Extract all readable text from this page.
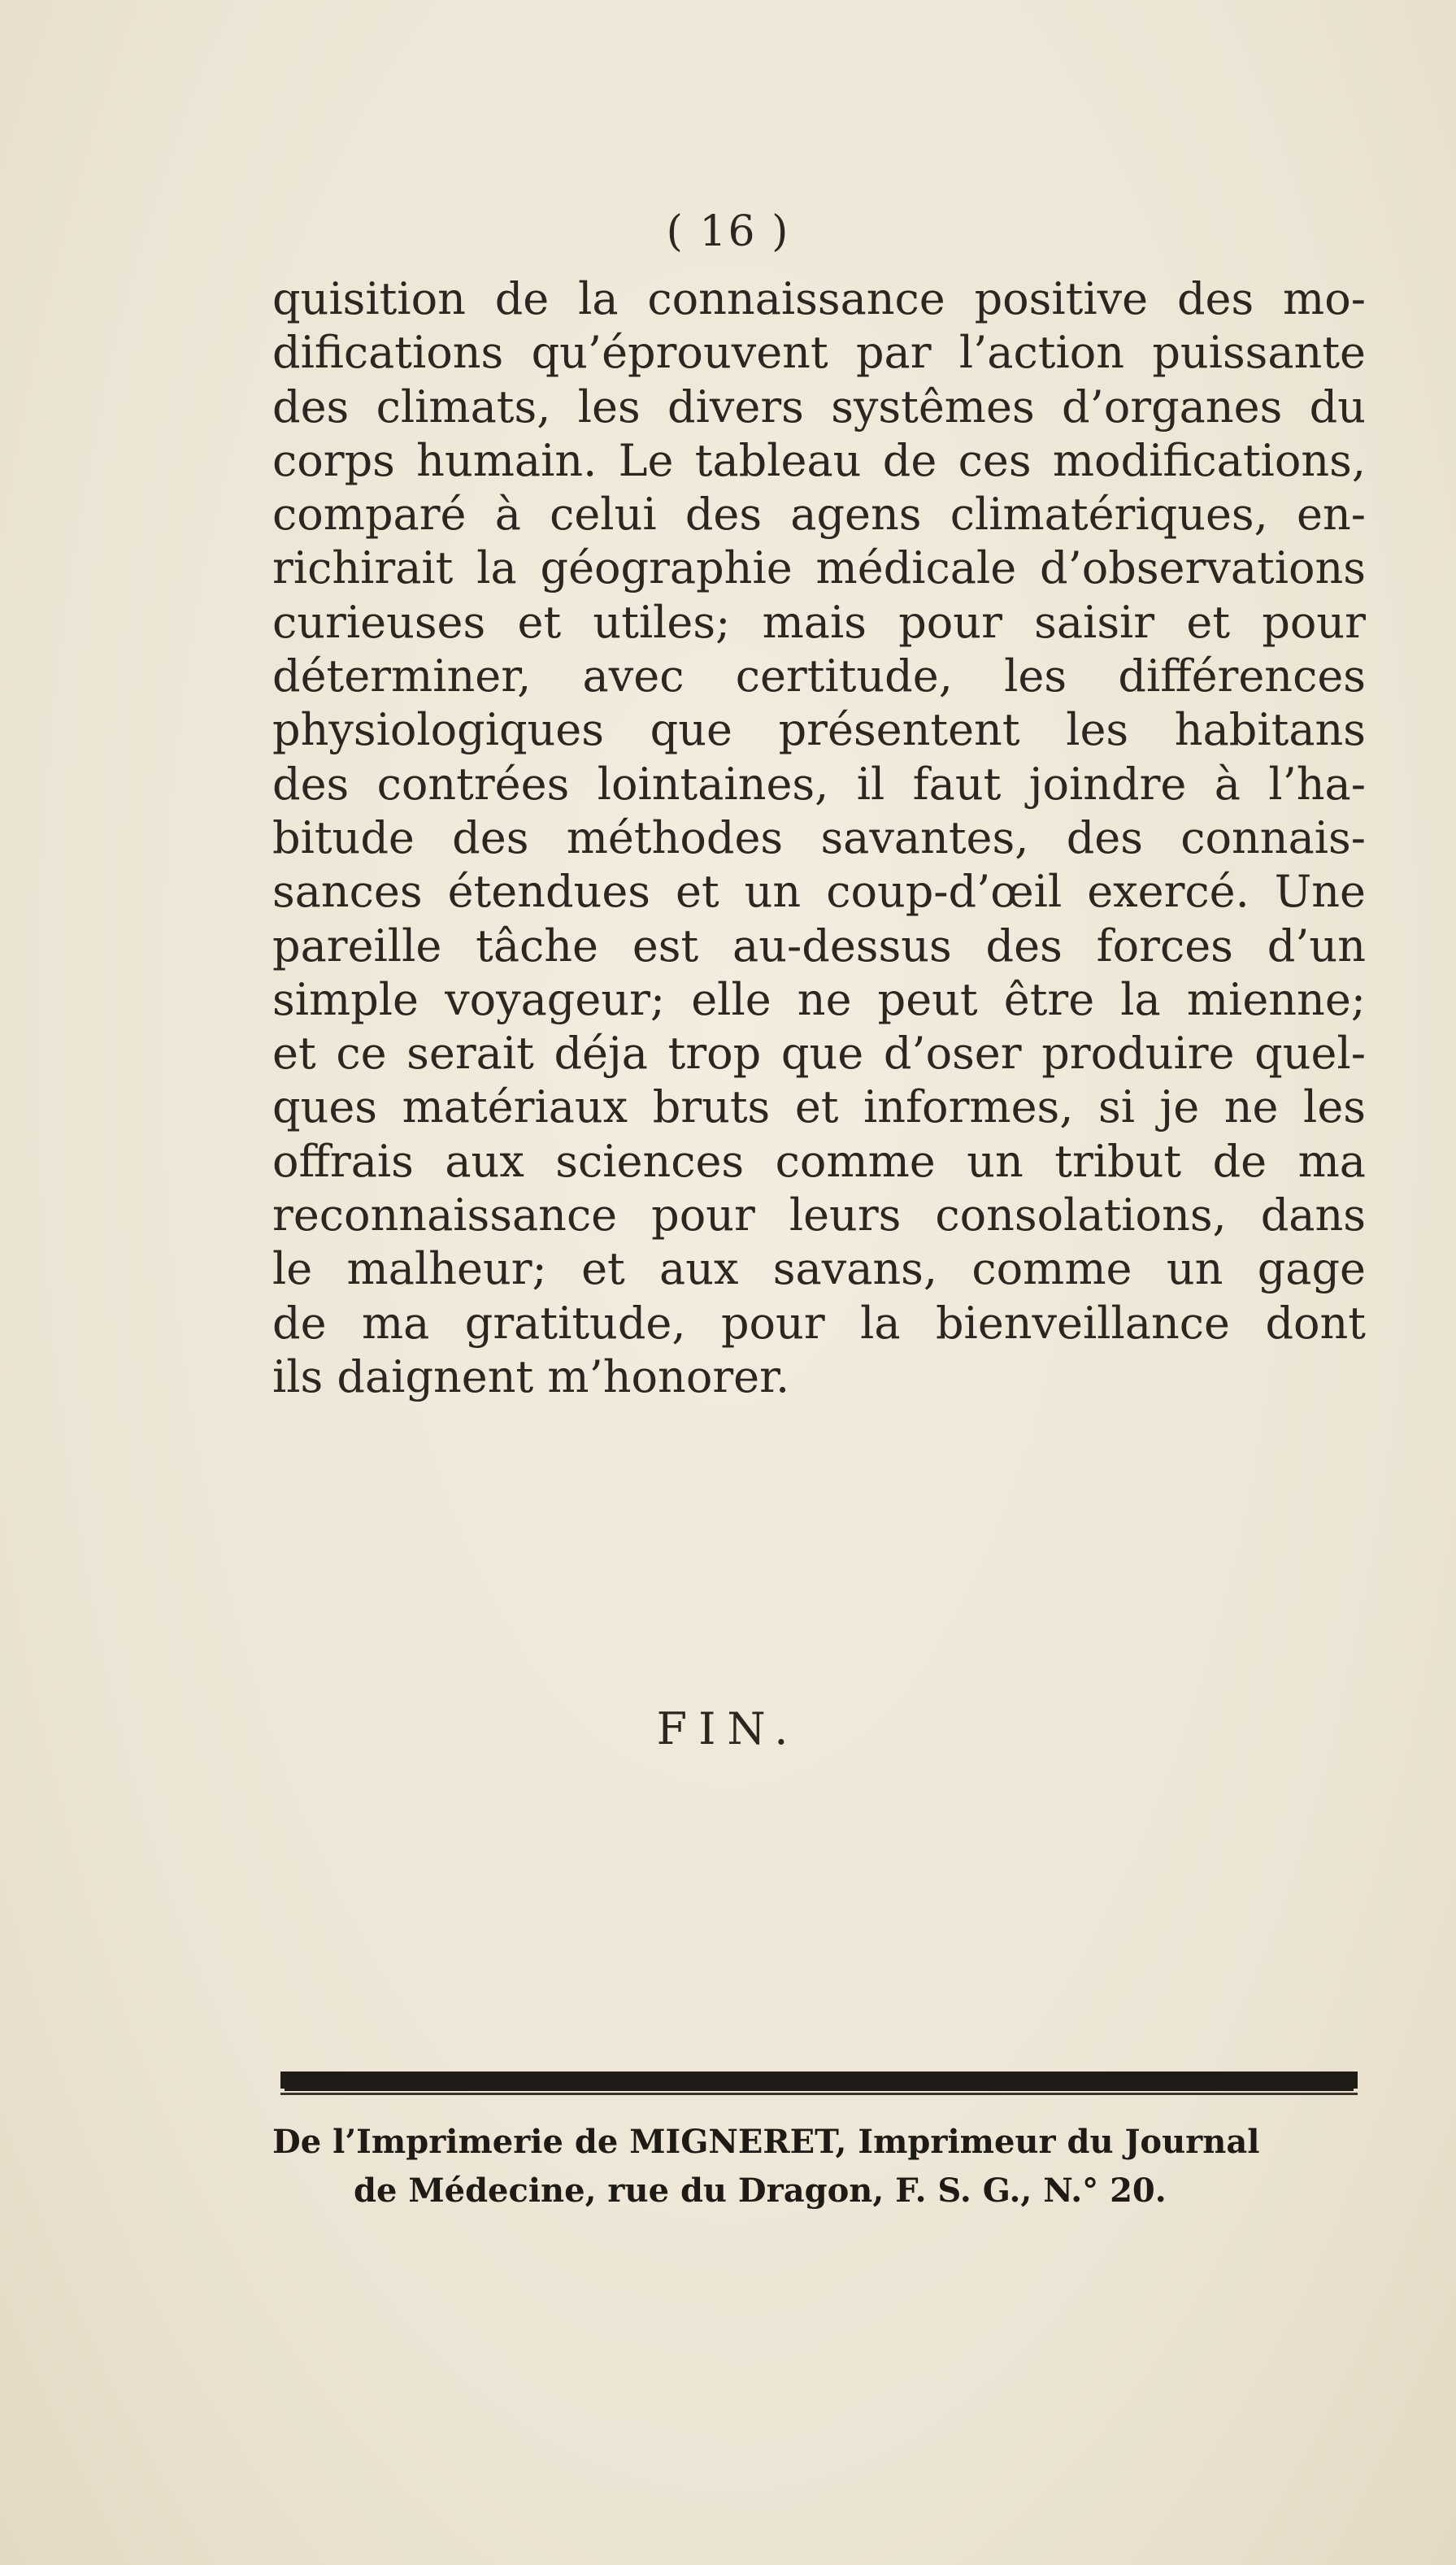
( 16 )
quisition de la connaissance positive des mo-
difications qu’éprouvent par l’action puissante
des climats, les divers systêmes d’organes du
corps humain. Le tableau de ces modifications,
comparé à celui des agens climatériques, en-
richirait la géographie médicale d’observations
curieuses et utiles; mais pour saisir et pour
déterminer, avec certitude, les différences
physiologiques que présentent les habitans
des contrées lointaines, il faut joindre à l’ha-
bitude des méthodes savantes, des connais-
sances étendues et un coup-d’œil exercé. Une
pareille tâche est au-dessus des forces d’un
simple voyageur; elle ne peut être la mienne;
et ce serait déja trop que d’oser produire quel-
ques matériaux bruts et informes, si je ne les
offrais aux sciences comme un tribut de ma
reconnaissance pour leurs consolations, dans
le malheur; et aux savans, comme un gage
de ma gratitude, pour la bienveillance dont
ils daignent m’honorer.
FIN.
De l’Imprimerie de MIGNERET, Imprimeur du Journal
de Médecine, rue du Dragon, F. S. G., N.° 20.
